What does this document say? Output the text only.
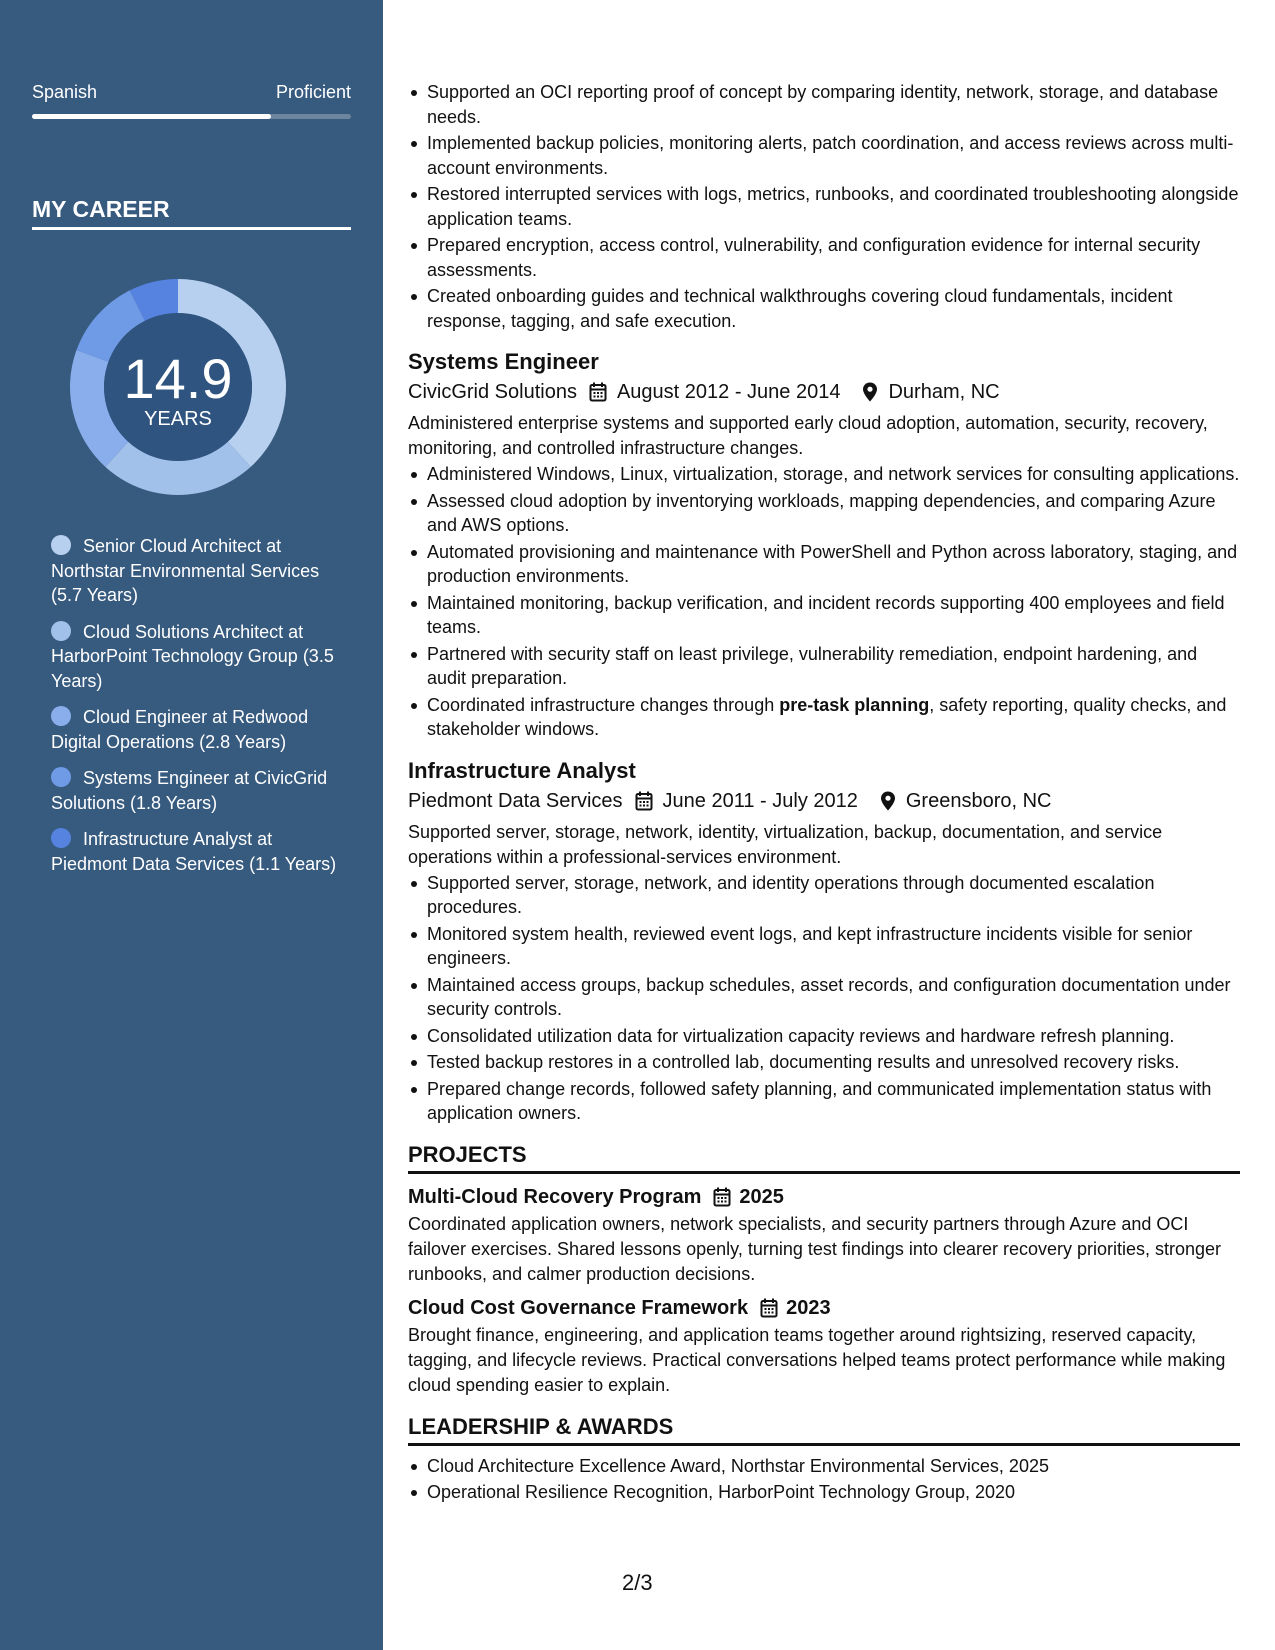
Spanish	Proficient
MY CAREER
14.9
YEARS
Senior Cloud Architect at Northstar Environmental Services (5.7 Years)
Cloud Solutions Architect at HarborPoint Technology Group (3.5 Years)
Cloud Engineer at Redwood Digital Operations (2.8 Years)
Systems Engineer at CivicGrid Solutions (1.8 Years)
Infrastructure Analyst at Piedmont Data Services (1.1 Years)
Supported an OCI reporting proof of concept by comparing identity, network, storage, and database needs.
Implemented backup policies, monitoring alerts, patch coordination, and access reviews across multi-account environments.
Restored interrupted services with logs, metrics, runbooks, and coordinated troubleshooting alongside application teams.
Prepared encryption, access control, vulnerability, and configuration evidence for internal security assessments.
Created onboarding guides and technical walkthroughs covering cloud fundamentals, incident response, tagging, and safe execution.
Systems Engineer
CivicGrid Solutions August 2012 - June 2014 Durham, NC
Administered enterprise systems and supported early cloud adoption, automation, security, recovery, monitoring, and controlled infrastructure changes.
Administered Windows, Linux, virtualization, storage, and network services for consulting applications.
Assessed cloud adoption by inventorying workloads, mapping dependencies, and comparing Azure and AWS options.
Automated provisioning and maintenance with PowerShell and Python across laboratory, staging, and production environments.
Maintained monitoring, backup verification, and incident records supporting 400 employees and field teams.
Partnered with security staff on least privilege, vulnerability remediation, endpoint hardening, and audit preparation.
Coordinated infrastructure changes through pre-task planning, safety reporting, quality checks, and stakeholder windows.
Infrastructure Analyst
Piedmont Data Services June 2011 - July 2012 Greensboro, NC
Supported server, storage, network, identity, virtualization, backup, documentation, and service operations within a professional-services environment.
Supported server, storage, network, and identity operations through documented escalation procedures.
Monitored system health, reviewed event logs, and kept infrastructure incidents visible for senior engineers.
Maintained access groups, backup schedules, asset records, and configuration documentation under security controls.
Consolidated utilization data for virtualization capacity reviews and hardware refresh planning.
Tested backup restores in a controlled lab, documenting results and unresolved recovery risks.
Prepared change records, followed safety planning, and communicated implementation status with application owners.
PROJECTS
Multi-Cloud Recovery Program 2025
Coordinated application owners, network specialists, and security partners through Azure and OCI failover exercises. Shared lessons openly, turning test findings into clearer recovery priorities, stronger runbooks, and calmer production decisions.
Cloud Cost Governance Framework 2023
Brought finance, engineering, and application teams together around rightsizing, reserved capacity, tagging, and lifecycle reviews. Practical conversations helped teams protect performance while making cloud spending easier to explain.
LEADERSHIP & AWARDS
Cloud Architecture Excellence Award, Northstar Environmental Services, 2025
Operational Resilience Recognition, HarborPoint Technology Group, 2020
2/3
